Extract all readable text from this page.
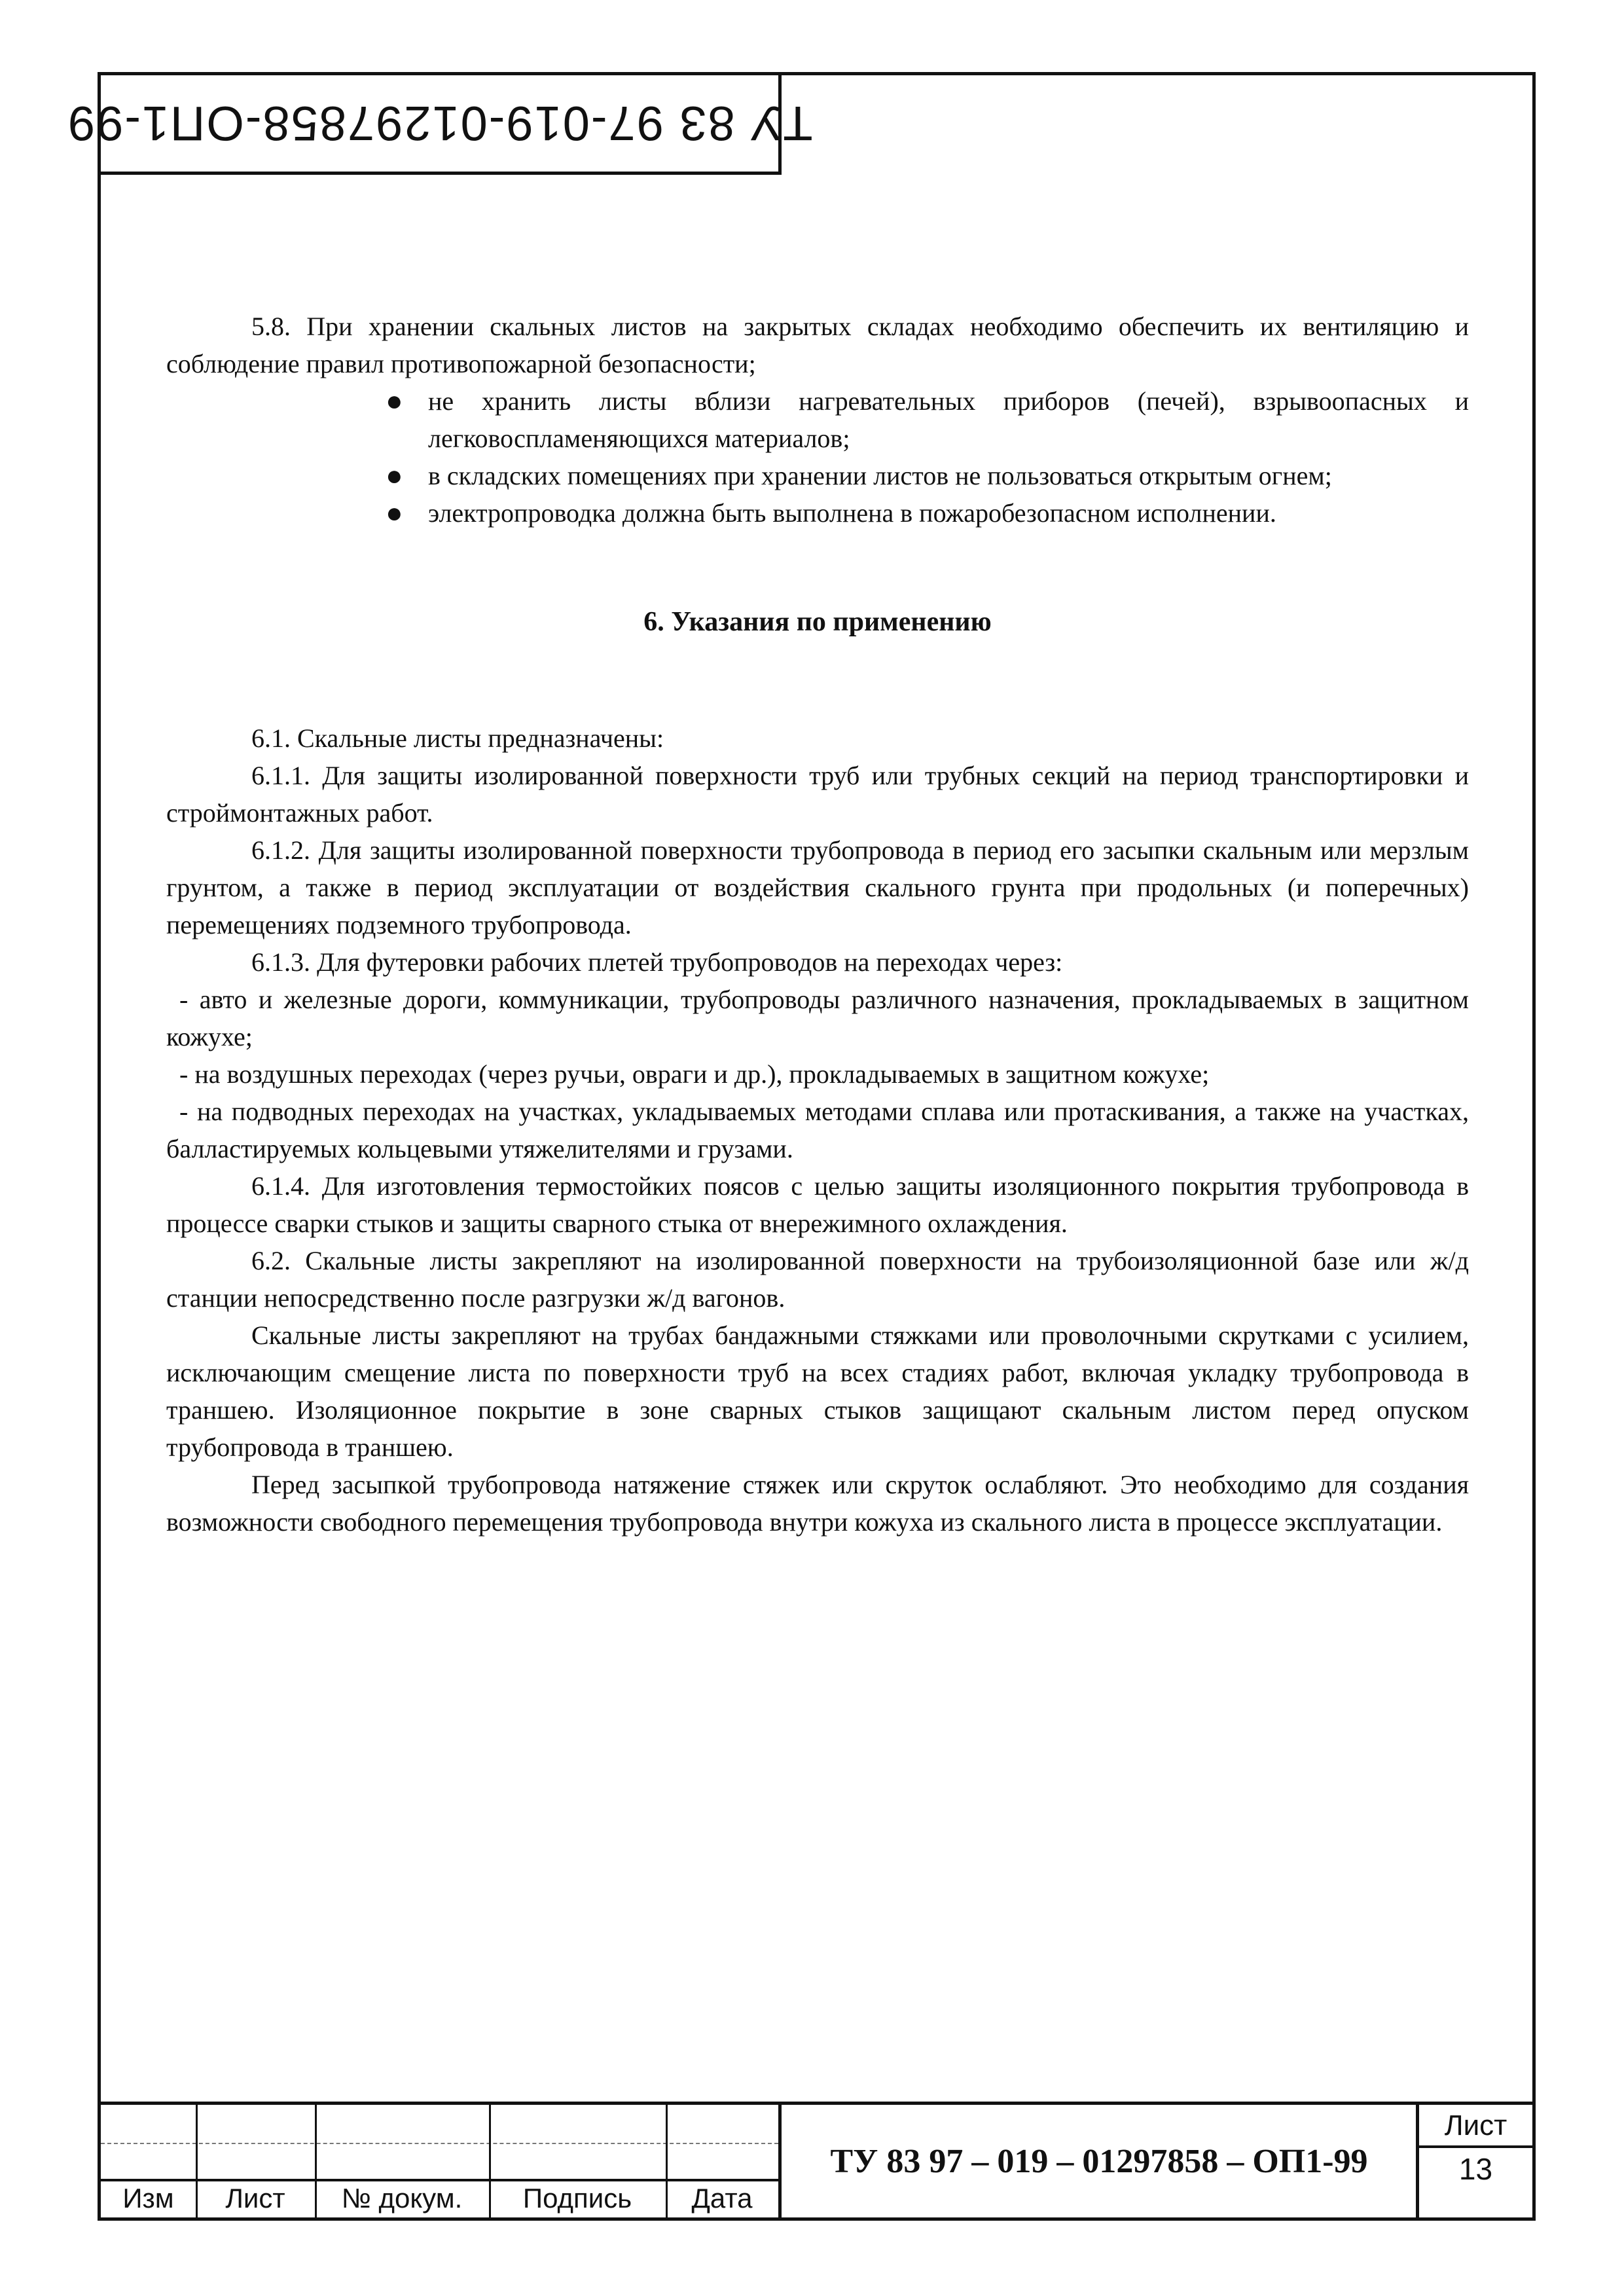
ТУ 83 97-019-01297858-ОП1-99

5.8. При хранении скальных листов на закрытых складах необходимо обеспечить их вентиляцию и соблюдение правил противопожарной безопасности;

● не хранить листы вблизи нагревательных приборов (печей), взрывоопасных и легковоспламеняющихся материалов;
● в складских помещениях при хранении листов не пользоваться открытым огнем;
● электропроводка должна быть выполнена в пожаробезопасном исполнении.
6. Указания по применению

6.1. Скальные листы предназначены:

6.1.1. Для защиты изолированной поверхности труб или трубных секций на период транспортировки и строймонтажных работ.

6.1.2. Для защиты изолированной поверхности трубопровода в период его засыпки скальным или мерзлым грунтом, а также в период эксплуатации от воздействия скального грунта при продольных (и поперечных) перемещениях подземного трубопровода.

6.1.3. Для футеровки рабочих плетей трубопроводов на переходах через:

- авто и железные дороги, коммуникации, трубопроводы различного назначения, прокладываемых в защитном кожухе;

- на воздушных переходах (через ручьи, овраги и др.), прокладываемых в защитном кожухе;

- на подводных переходах на участках, укладываемых методами сплава или протаскивания, а также на участках, балластируемых кольцевыми утяжелителями и грузами.

6.1.4. Для изготовления термостойких поясов с целью защиты изоляционного покрытия трубопровода в процессе сварки стыков и защиты сварного стыка от внережимного охлаждения.

6.2. Скальные листы закрепляют на изолированной поверхности на трубоизоляционной базе или ж/д станции непосредственно после разгрузки ж/д вагонов.

Скальные листы закрепляют на трубах бандажными стяжками или проволочными скрутками с усилием, исключающим смещение листа по поверхности труб на всех стадиях работ, включая укладку трубопровода в траншею. Изоляционное покрытие в зоне сварных стыков защищают скальным листом перед опуском трубопровода в траншею.

Перед засыпкой трубопровода натяжение стяжек или скруток ослабляют. Это необходимо для создания возможности свободного перемещения трубопровода внутри кожуха из скального листа в процессе эксплуатации.

Изм	Лист	№ докум.	Подпись	Дата
ТУ 83 97 – 019 – 01297858 – ОП1-99
Лист
13
